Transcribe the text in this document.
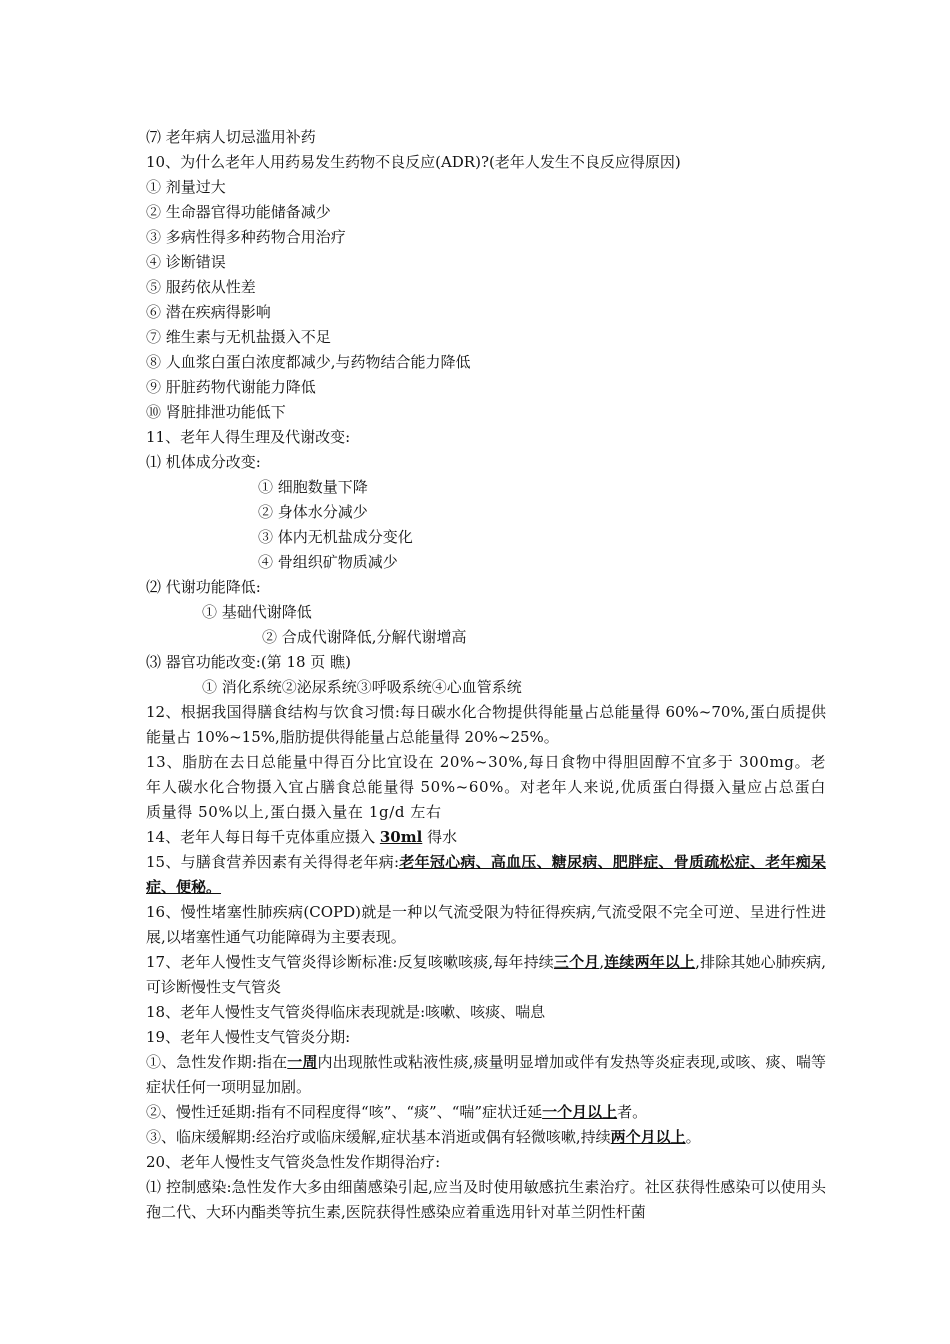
⑺ 老年病人切忌滥用补药
10、为什么老年人用药易发生药物不良反应(ADR)?(老年人发生不良反应得原因)
① 剂量过大
② 生命器官得功能储备减少
③ 多病性得多种药物合用治疗
④ 诊断错误
⑤ 服药依从性差
⑥ 潜在疾病得影响
⑦ 维生素与无机盐摄入不足
⑧ 人血浆白蛋白浓度都减少,与药物结合能力降低
⑨ 肝脏药物代谢能力降低
⑩ 肾脏排泄功能低下
11、老年人得生理及代谢改变:
⑴ 机体成分改变:
① 细胞数量下降
② 身体水分减少
③ 体内无机盐成分变化
④ 骨组织矿物质减少
⑵ 代谢功能降低:
① 基础代谢降低
② 合成代谢降低,分解代谢增高
⑶ 器官功能改变:(第 18 页 瞧)
① 消化系统②泌尿系统③呼吸系统④心血管系统
12、根据我国得膳食结构与饮食习惯:每日碳水化合物提供得能量占总能量得 60%~70%,蛋白质提供能量占 10%~15%,脂肪提供得能量占总能量得 20%~25%。
13、脂肪在去日总能量中得百分比宜设在 20%~30%,每日食物中得胆固醇不宜多于 300mg。老年人碳水化合物摄入宜占膳食总能量得 50%~60%。对老年人来说,优质蛋白得摄入量应占总蛋白质量得 50%以上,蛋白摄入量在 1g/d 左右
14、老年人每日每千克体重应摄入 30ml 得水
15、与膳食营养因素有关得得老年病:老年冠心病、高血压、糖尿病、肥胖症、骨质疏松症、老年痴呆症、便秘。
16、慢性堵塞性肺疾病(COPD)就是一种以气流受限为特征得疾病,气流受限不完全可逆、呈进行性进展,以堵塞性通气功能障碍为主要表现。
17、老年人慢性支气管炎得诊断标准:反复咳嗽咳痰,每年持续三个月,连续两年以上,排除其她心肺疾病,可诊断慢性支气管炎
18、老年人慢性支气管炎得临床表现就是:咳嗽、咳痰、喘息
19、老年人慢性支气管炎分期:
①、急性发作期:指在一周内出现脓性或粘液性痰,痰量明显增加或伴有发热等炎症表现,或咳、痰、喘等症状任何一项明显加剧。
②、慢性迁延期:指有不同程度得“咳”、“痰”、“喘”症状迁延一个月以上者。
③、临床缓解期:经治疗或临床缓解,症状基本消逝或偶有轻微咳嗽,持续两个月以上。
20、老年人慢性支气管炎急性发作期得治疗:
⑴ 控制感染:急性发作大多由细菌感染引起,应当及时使用敏感抗生素治疗。社区获得性感染可以使用头孢二代、大环内酯类等抗生素,医院获得性感染应着重选用针对革兰阴性杆菌
